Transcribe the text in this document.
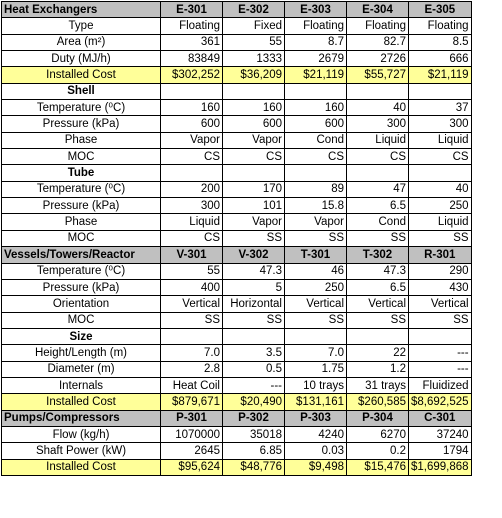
Heat Exchangers	E-301	E-302	E-303	E-304	E-305
Type	Floating	Fixed	Floating	Floating	Floating
Area (m²)	361	55	8.7	82.7	8.5
Duty (MJ/h)	83849	1333	2679	2726	666
Installed Cost	$302,252	$36,209	$21,119	$55,727	$21,119
Shell					
Temperature (⁰C)	160	160	160	40	37
Pressure (kPa)	600	600	600	300	300
Phase	Vapor	Vapor	Cond	Liquid	Liquid
MOC	CS	CS	CS	CS	CS
Tube					
Temperature (⁰C)	200	170	89	47	40
Pressure (kPa)	300	101	15.8	6.5	250
Phase	Liquid	Vapor	Vapor	Cond	Liquid
MOC	CS	SS	SS	SS	SS
Vessels/Towers/Reactor	V-301	V-302	T-301	T-302	R-301
Temperature (⁰C)	55	47.3	46	47.3	290
Pressure (kPa)	400	5	250	6.5	430
Orientation	Vertical	Horizontal	Vertical	Vertical	Vertical
MOC	SS	SS	SS	SS	SS
Size					
Height/Length (m)	7.0	3.5	7.0	22	---
Diameter (m)	2.8	0.5	1.75	1.2	---
Internals	Heat Coil	---	10 trays	31 trays	Fluidized
Installed Cost	$879,671	$20,490	$131,161	$260,585	$8,692,525
Pumps/Compressors	P-301	P-302	P-303	P-304	C-301
Flow (kg/h)	1070000	35018	4240	6270	37240
Shaft Power (kW)	2645	6.85	0.03	0.2	1794
Installed Cost	$95,624	$48,776	$9,498	$15,476	$1,699,868
